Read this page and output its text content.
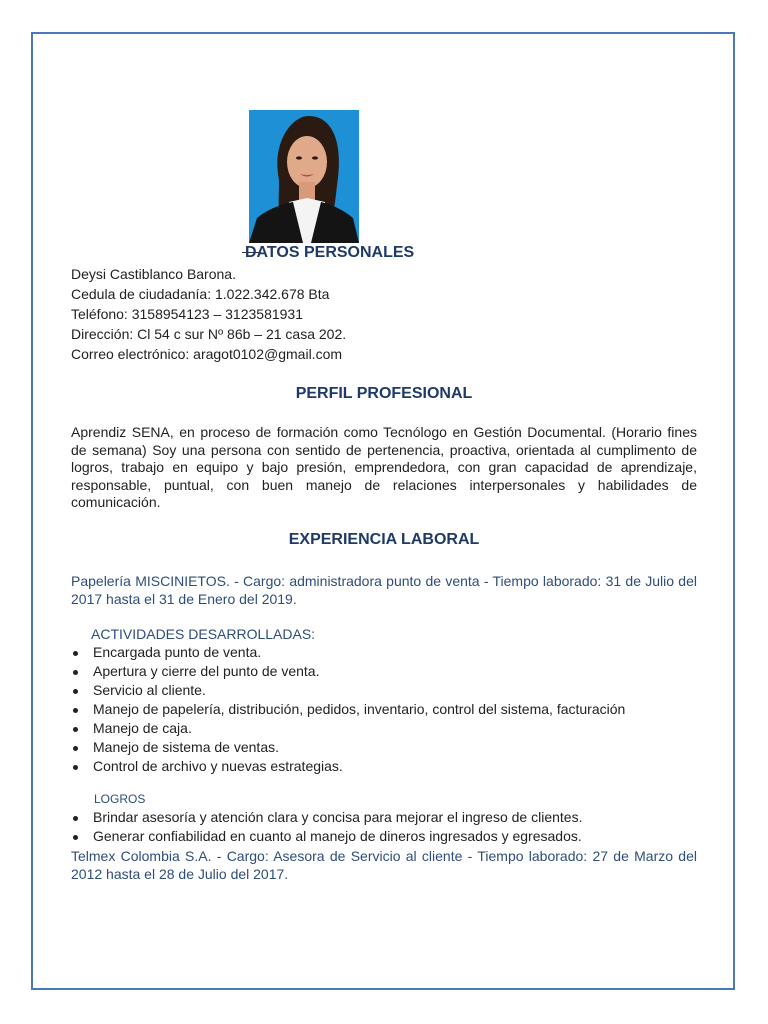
DATOS PERSONALES
Deysi Castiblanco Barona.
Cedula de ciudadanía: 1.022.342.678 Bta
Teléfono: 3158954123 – 3123581931
Dirección: Cl 54 c sur Nº 86b – 21 casa 202.
Correo electrónico: aragot0102@gmail.com
PERFIL PROFESIONAL

Aprendiz SENA, en proceso de formación como Tecnólogo en Gestión Documental. (Horario fines de semana) Soy una persona con sentido de pertenencia, proactiva, orientada al cumplimento de logros, trabajo en equipo y bajo presión, emprendedora, con gran capacidad de aprendizaje, responsable, puntual, con buen manejo de relaciones interpersonales y habilidades de comunicación.

EXPERIENCIA LABORAL

Papelería MISCINIETOS. - Cargo: administradora punto de venta - Tiempo laborado: 31 de Julio del 2017 hasta el 31 de Enero del 2019.

ACTIVIDADES DESARROLLADAS:
Encargada punto de venta.
Apertura y cierre del punto de venta.
Servicio al cliente.
Manejo de papelería, distribución, pedidos, inventario, control del sistema, facturación
Manejo de caja.
Manejo de sistema de ventas.
Control de archivo y nuevas estrategias.
LOGROS
Brindar asesoría y atención clara y concisa para mejorar el ingreso de clientes.
Generar confiabilidad en cuanto al manejo de dineros ingresados y egresados.

Telmex Colombia S.A. - Cargo: Asesora de Servicio al cliente - Tiempo laborado: 27 de Marzo del 2012 hasta el 28 de Julio del 2017.
